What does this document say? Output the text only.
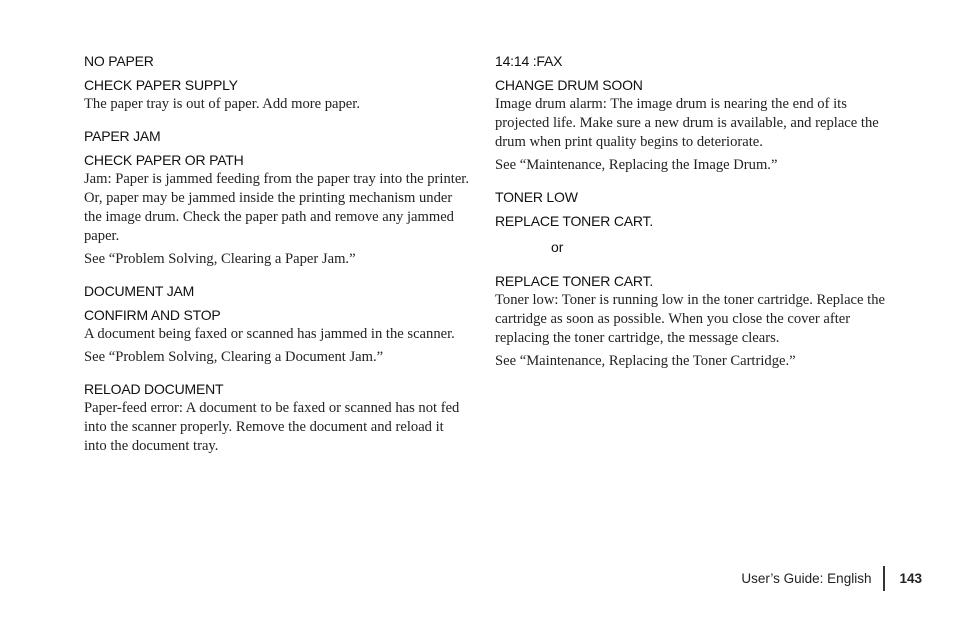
NO PAPER
CHECK PAPER SUPPLY
The paper tray is out of paper. Add more paper.
PAPER JAM
CHECK PAPER OR PATH
Jam: Paper is jammed feeding from the paper tray into the printer. Or, paper may be jammed inside the printing mechanism under the image drum. Check the paper path and remove any jammed paper.
See “Problem Solving, Clearing a Paper Jam.”
DOCUMENT JAM
CONFIRM AND STOP
A document being faxed or scanned has jammed in the scanner.
See “Problem Solving, Clearing a Document Jam.”
RELOAD DOCUMENT
Paper-feed error: A document to be faxed or scanned has not fed into the scanner properly. Remove the document and reload it into the document tray.
14:14 :FAX
CHANGE DRUM SOON
Image drum alarm: The image drum is nearing the end of its projected life. Make sure a new drum is available, and replace the drum when print quality begins to deteriorate.
See “Maintenance, Replacing the Image Drum.”
TONER LOW
REPLACE TONER CART.
or
REPLACE TONER CART.
Toner low: Toner is running low in the toner cartridge. Replace the cartridge as soon as possible. When you close the cover after replacing the toner cartridge, the message clears.
See “Maintenance, Replacing the Toner Cartridge.”
User’s Guide: English 143
